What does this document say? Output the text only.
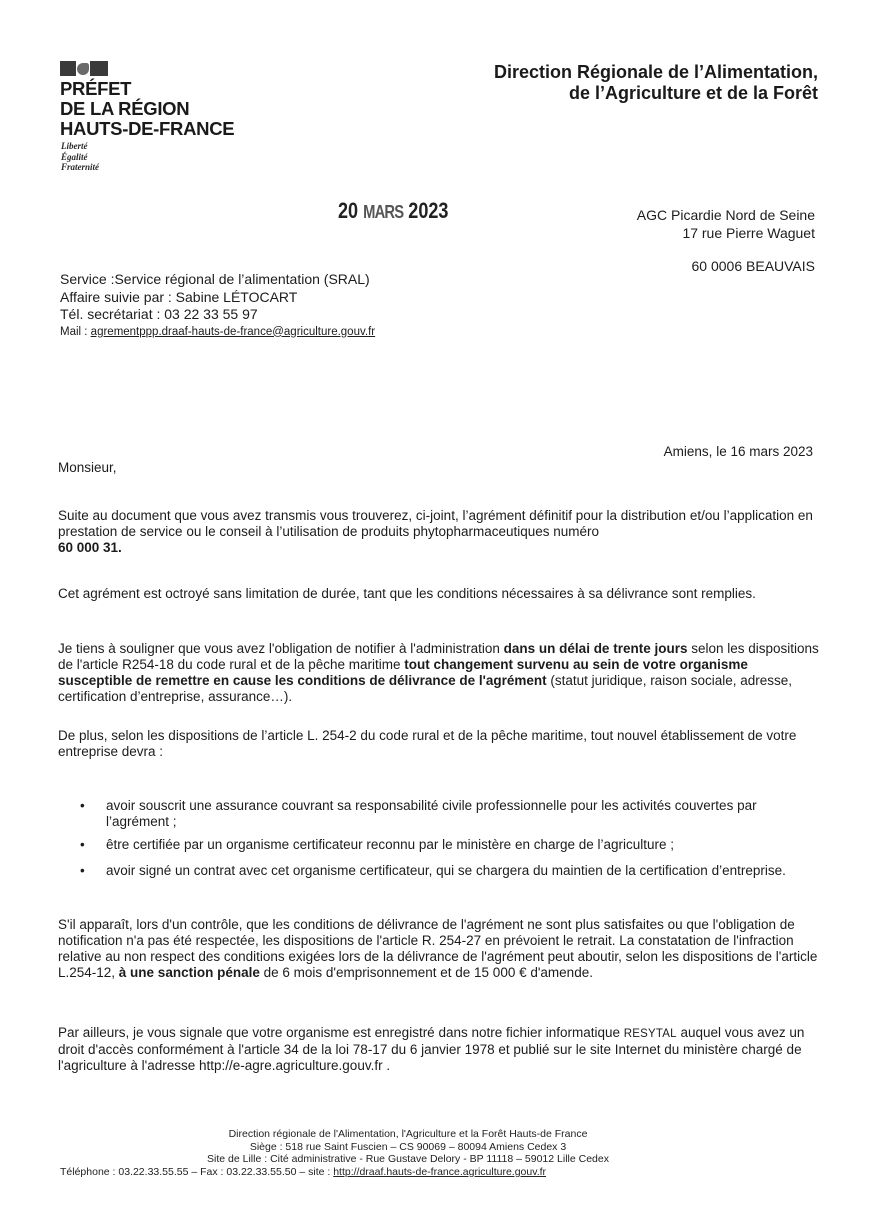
PRÉFET
DE LA RÉGION
HAUTS-DE-FRANCE
Liberté
Égalité
Fraternité
Direction Régionale de l’Alimentation,
de l’Agriculture et de la Forêt
20 MARS 2023	AGC Picardie Nord de Seine
17 rue Pierre Waguet
60 0006 BEAUVAIS
Service :Service régional de l’alimentation (SRAL)
Affaire suivie par : Sabine LÉTOCART
Tél. secrétariat : 03 22 33 55 97
Mail : agrementppp.draaf-hauts-de-france@agriculture.gouv.fr
Amiens, le 16 mars 2023
Monsieur,

Suite au document que vous avez transmis vous trouverez, ci-joint, l’agrément définitif pour la distribution et/ou l’application en prestation de service ou le conseil à l’utilisation de produits phytopharmaceutiques numéro
60 000 31.

Cet agrément est octroyé sans limitation de durée, tant que les conditions nécessaires à sa délivrance sont remplies.

Je tiens à souligner que vous avez l'obligation de notifier à l'administration dans un délai de trente jours selon les dispositions de l'article R254-18 du code rural et de la pêche maritime tout changement survenu au sein de votre organisme susceptible de remettre en cause les conditions de délivrance de l'agrément (statut juridique, raison sociale, adresse, certification d’entreprise, assurance…).

De plus, selon les dispositions de l’article L. 254-2 du code rural et de la pêche maritime, tout nouvel établissement de votre entreprise devra :

• avoir souscrit une assurance couvrant sa responsabilité civile professionnelle pour les activités couvertes par l’agrément ;
• être certifiée par un organisme certificateur reconnu par le ministère en charge de l’agriculture ;
• avoir signé un contrat avec cet organisme certificateur, qui se chargera du maintien de la certification d’entreprise.

S'il apparaît, lors d'un contrôle, que les conditions de délivrance de l'agrément ne sont plus satisfaites ou que l'obligation de notification n'a pas été respectée, les dispositions de l'article R. 254-27 en prévoient le retrait. La constatation de l'infraction relative au non respect des conditions exigées lors de la délivrance de l'agrément peut aboutir, selon les dispositions de l'article L.254-12, à une sanction pénale de 6 mois d'emprisonnement et de 15 000 € d'amende.

Par ailleurs, je vous signale que votre organisme est enregistré dans notre fichier informatique RESYTAL auquel vous avez un droit d'accès conformément à l'article 34 de la loi 78-17 du 6 janvier 1978 et publié sur le site Internet du ministère chargé de l'agriculture à l'adresse http://e-agre.agriculture.gouv.fr .

Direction régionale de l'Alimentation, l'Agriculture et la Forêt Hauts-de France
Siège : 518 rue Saint Fuscien – CS 90069 – 80094 Amiens Cedex 3
Site de Lille : Cité administrative - Rue Gustave Delory - BP 11118 – 59012 Lille Cedex
Téléphone : 03.22.33.55.55 – Fax : 03.22.33.55.50 – site : http://draaf.hauts-de-france.agriculture.gouv.fr
